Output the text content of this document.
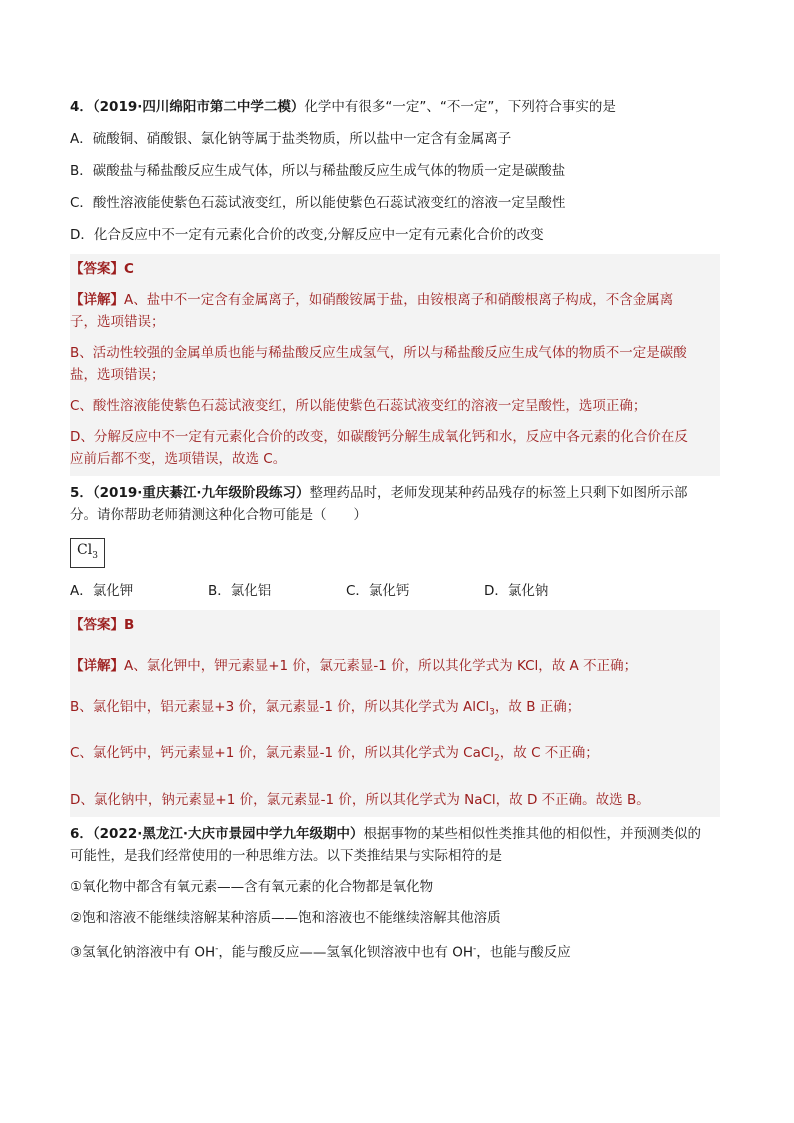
4．（2019·四川绵阳市第二中学二模）化学中有很多“一定”、“不一定”，下列符合事实的是

A．硫酸铜、硝酸银、氯化钠等属于盐类物质，所以盐中一定含有金属离子

B．碳酸盐与稀盐酸反应生成气体，所以与稀盐酸反应生成气体的物质一定是碳酸盐

C．酸性溶液能使紫色石蕊试液变红，所以能使紫色石蕊试液变红的溶液一定呈酸性

D．化合反应中不一定有元素化合价的改变,分解反应中一定有元素化合价的改变

【答案】C

【详解】A、盐中不一定含有金属离子，如硝酸铵属于盐，由铵根离子和硝酸根离子构成，不含金属离

子，选项错误；

B、活动性较强的金属单质也能与稀盐酸反应生成氢气，所以与稀盐酸反应生成气体的物质不一定是碳酸

盐，选项错误；

C、酸性溶液能使紫色石蕊试液变红，所以能使紫色石蕊试液变红的溶液一定呈酸性，选项正确；

D、分解反应中不一定有元素化合价的改变，如碳酸钙分解生成氧化钙和水，反应中各元素的化合价在反

应前后都不变，选项错误，故选 C。

5．（2019·重庆綦江·九年级阶段练习）整理药品时，老师发现某种药品残存的标签上只剩下如图所示部

分。请你帮助老师猜测这种化合物可能是（　　）

$Cl_3$
A．氯化钾	B．氯化铝	C．氯化钙	D．氯化钠

【答案】B

【详解】A、氯化钾中，钾元素显+1 价，氯元素显-1 价，所以其化学式为 KCl，故 A 不正确；

B、氯化铝中，铝元素显+3 价，氯元素显-1 价，所以其化学式为 AlCl$_3$，故 B 正确；

C、氯化钙中，钙元素显+1 价，氯元素显-1 价，所以其化学式为 CaCl$_2$，故 C 不正确；

D、氯化钠中，钠元素显+1 价，氯元素显-1 价，所以其化学式为 NaCl，故 D 不正确。故选 B。

6．（2022·黑龙江·大庆市景园中学九年级期中）根据事物的某些相似性类推其他的相似性，并预测类似的

可能性，是我们经常使用的一种思维方法。以下类推结果与实际相符的是

①氧化物中都含有氧元素——含有氧元素的化合物都是氧化物

②饱和溶液不能继续溶解某种溶质——饱和溶液也不能继续溶解其他溶质

③氢氧化钠溶液中有 OH-，能与酸反应——氢氧化钡溶液中也有 OH-，也能与酸反应
